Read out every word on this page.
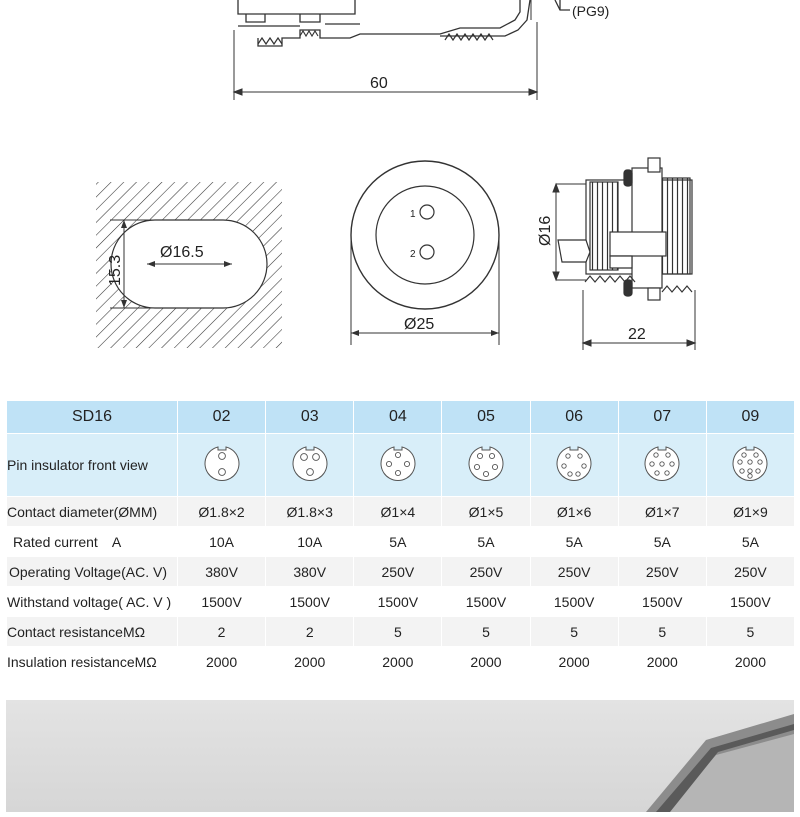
(PG9)
60
Ø16.5
15.3
1
2
Ø25
Ø16
22
SD16	02	03	04	05	06	07	09
Pin insulator front view							

Contact diameter (ØMM)	Ø1.8×2	Ø1.8×3	Ø1×4	Ø1×5	Ø1×6	Ø1×7	Ø1×9

Rated current A	10A	10A	5A	5A	5A	5A	5A

Operating Voltage (AC. V)	380V	380V	250V	250V	250V	250V	250V

Withstand voltage ( AC. V )	1500V	1500V	1500V	1500V	1500V	1500V	1500V

Contact resistance MΩ	2	2	5	5	5	5	5

Insulation resistance MΩ	2000	2000	2000	2000	2000	2000	2000
